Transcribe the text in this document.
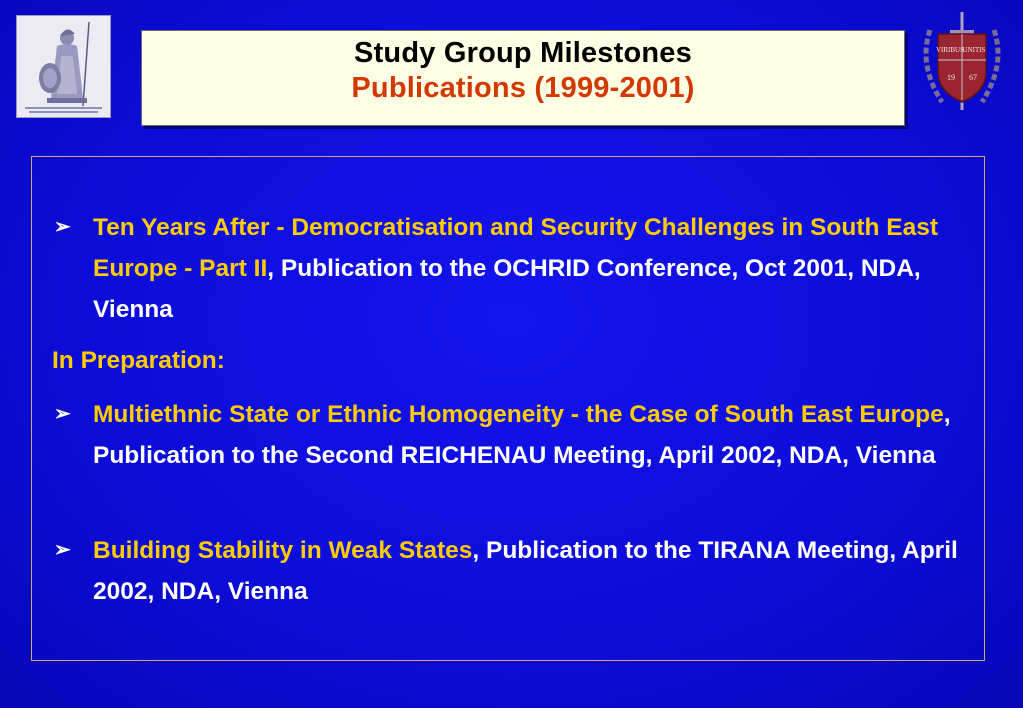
VIRIBUS
UNITIS
19 67
Study Group Milestones
Publications (1999-2001)
➢ Ten Years After - Democratisation and Security Challenges in South East Europe - Part II, Publication to the OCHRID Conference, Oct 2001, NDA, Vienna
In Preparation:
➢ Multiethnic State or Ethnic Homogeneity - the Case of South East Europe, Publication to the Second REICHENAU Meeting, April 2002, NDA, Vienna
➢ Building Stability in Weak States, Publication to the TIRANA Meeting, April 2002, NDA, Vienna
